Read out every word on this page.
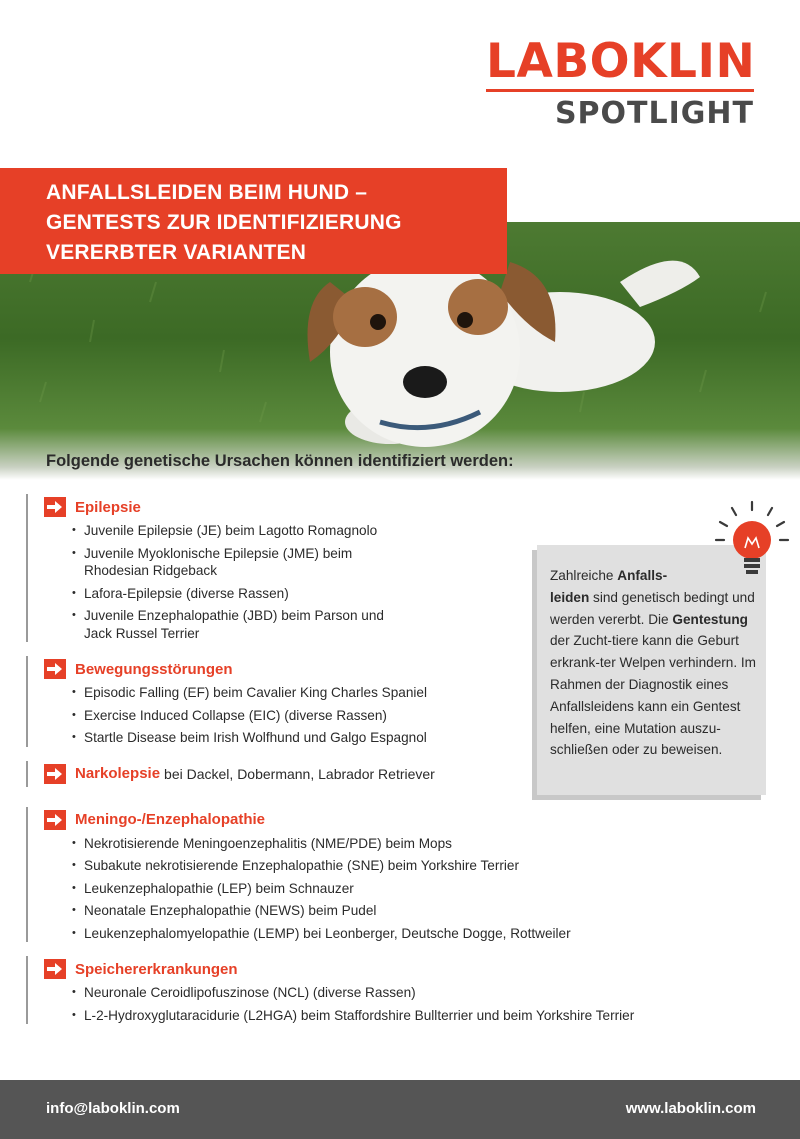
LABOKLIN
SPOTLIGHT
ANFALLSLEIDEN BEIM HUND –
GENTESTS ZUR IDENTIFIZIERUNG
VERERBTER VARIANTEN
Folgende genetische Ursachen können identifiziert werden:
Epilepsie
• Juvenile Epilepsie (JE) beim Lagotto Romagnolo
• Juvenile Myoklonische Epilepsie (JME) beim
Rhodesian Ridgeback
• Lafora-Epilepsie (diverse Rassen)
• Juvenile Enzephalopathie (JBD) beim Parson und
Jack Russel Terrier
Bewegungsstörungen
• Episodic Falling (EF) beim Cavalier King Charles Spaniel
• Exercise Induced Collapse (EIC) (diverse Rassen)
• Startle Disease beim Irish Wolfhund und Galgo Espagnol
Narkolepsie bei Dackel, Dobermann, Labrador Retriever
Meningo-/Enzephalopathie
• Nekrotisierende Meningoenzephalitis (NME/PDE) beim Mops
• Subakute nekrotisierende Enzephalopathie (SNE) beim Yorkshire Terrier
• Leukenzephalopathie (LEP) beim Schnauzer
• Neonatale Enzephalopathie (NEWS) beim Pudel
• Leukenzephalomyelopathie (LEMP) bei Leonberger, Deutsche Dogge, Rottweiler
Speichererkrankungen
• Neuronale Ceroidlipofuszinose (NCL) (diverse Rassen)
• L-2-Hydroxyglutaracidurie (L2HGA) beim Staffordshire Bullterrier und beim Yorkshire Terrier

Zahlreiche Anfalls-
leiden sind genetisch bedingt und werden vererbt. Die Gentestung der Zucht-tiere kann die Geburt erkrank-ter Welpen verhindern. Im Rahmen der Diagnostik eines Anfallsleidens kann ein Gentest helfen, eine Mutation auszu-schließen oder zu beweisen.

info@laboklin.com	www.laboklin.com
